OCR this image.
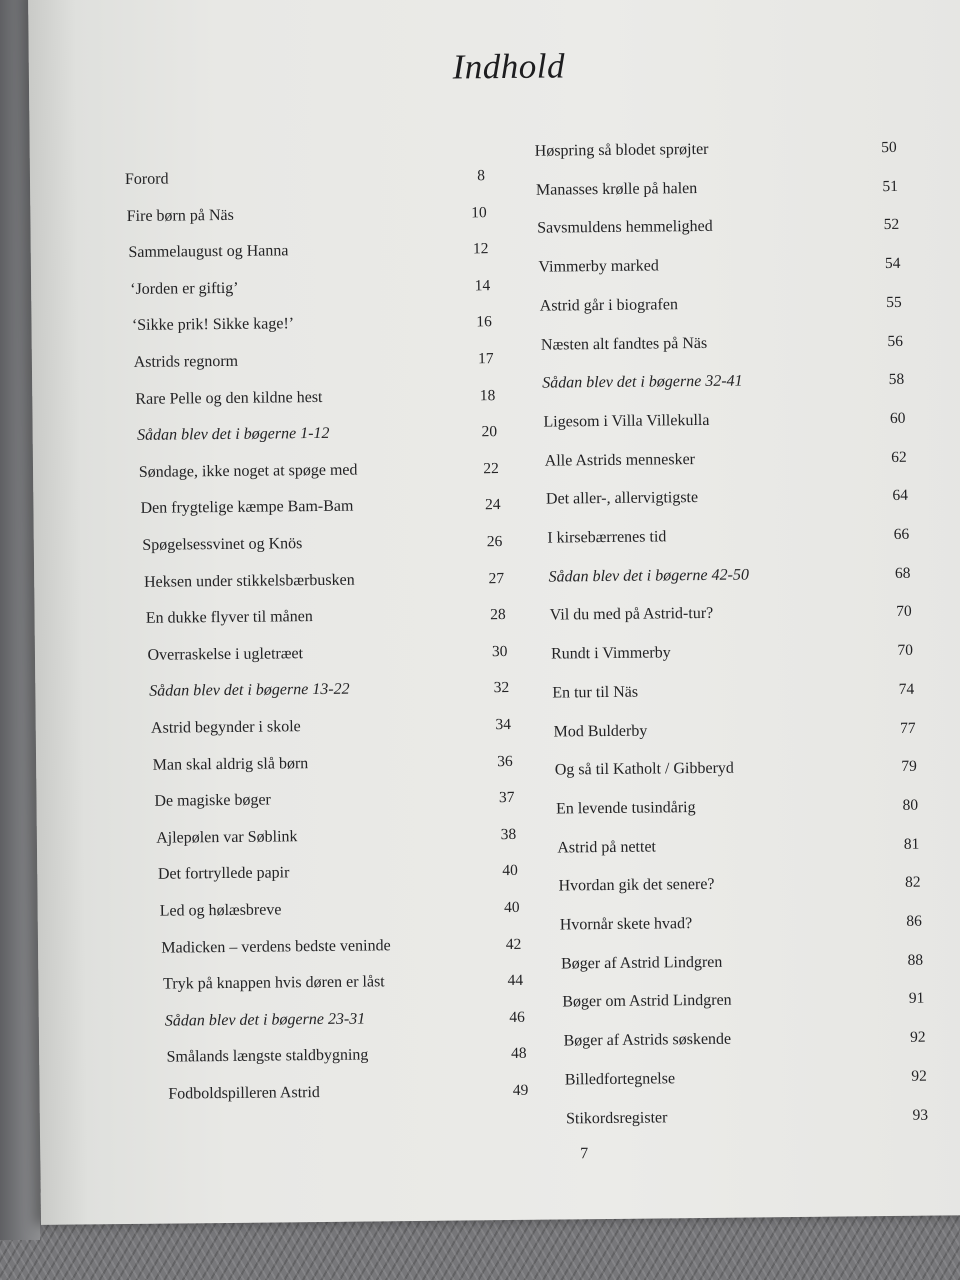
Indhold
Forord	8
Fire børn på Näs	10
Sammelaugust og Hanna	12
‘Jorden er giftig’	14
‘Sikke prik! Sikke kage!’	16
Astrids regnorm	17
Rare Pelle og den kildne hest	18
Sådan blev det i bøgerne 1-12	20
Søndage, ikke noget at spøge med	22
Den frygtelige kæmpe Bam-Bam	24
Spøgelsessvinet og Knös	26
Heksen under stikkelsbærbusken	27
En dukke flyver til månen	28
Overraskelse i ugletræet	30
Sådan blev det i bøgerne 13-22	32
Astrid begynder i skole	34
Man skal aldrig slå børn	36
De magiske bøger	37
Ajlepølen var Søblink	38
Det fortryllede papir	40
Led og hølæsbreve	40
Madicken – verdens bedste veninde	42
Tryk på knappen hvis døren er låst	44
Sådan blev det i bøgerne 23-31	46
Smålands længste staldbygning	48
Fodboldspilleren Astrid	49
Høspring så blodet sprøjter	50
Manasses krølle på halen	51
Savsmuldens hemmelighed	52
Vimmerby marked	54
Astrid går i biografen	55
Næsten alt fandtes på Näs	56
Sådan blev det i bøgerne 32-41	58
Ligesom i Villa Villekulla	60
Alle Astrids mennesker	62
Det aller-, allervigtigste	64
I kirsebærrenes tid	66
Sådan blev det i bøgerne 42-50	68
Vil du med på Astrid-tur?	70
Rundt i Vimmerby	70
En tur til Näs	74
Mod Bulderby	77
Og så til Katholt / Gibberyd	79
En levende tusindårig	80
Astrid på nettet	81
Hvordan gik det senere?	82
Hvornår skete hvad?	86
Bøger af Astrid Lindgren	88
Bøger om Astrid Lindgren	91
Bøger af Astrids søskende	92
Billedfortegnelse	92
Stikordsregister	93
7
